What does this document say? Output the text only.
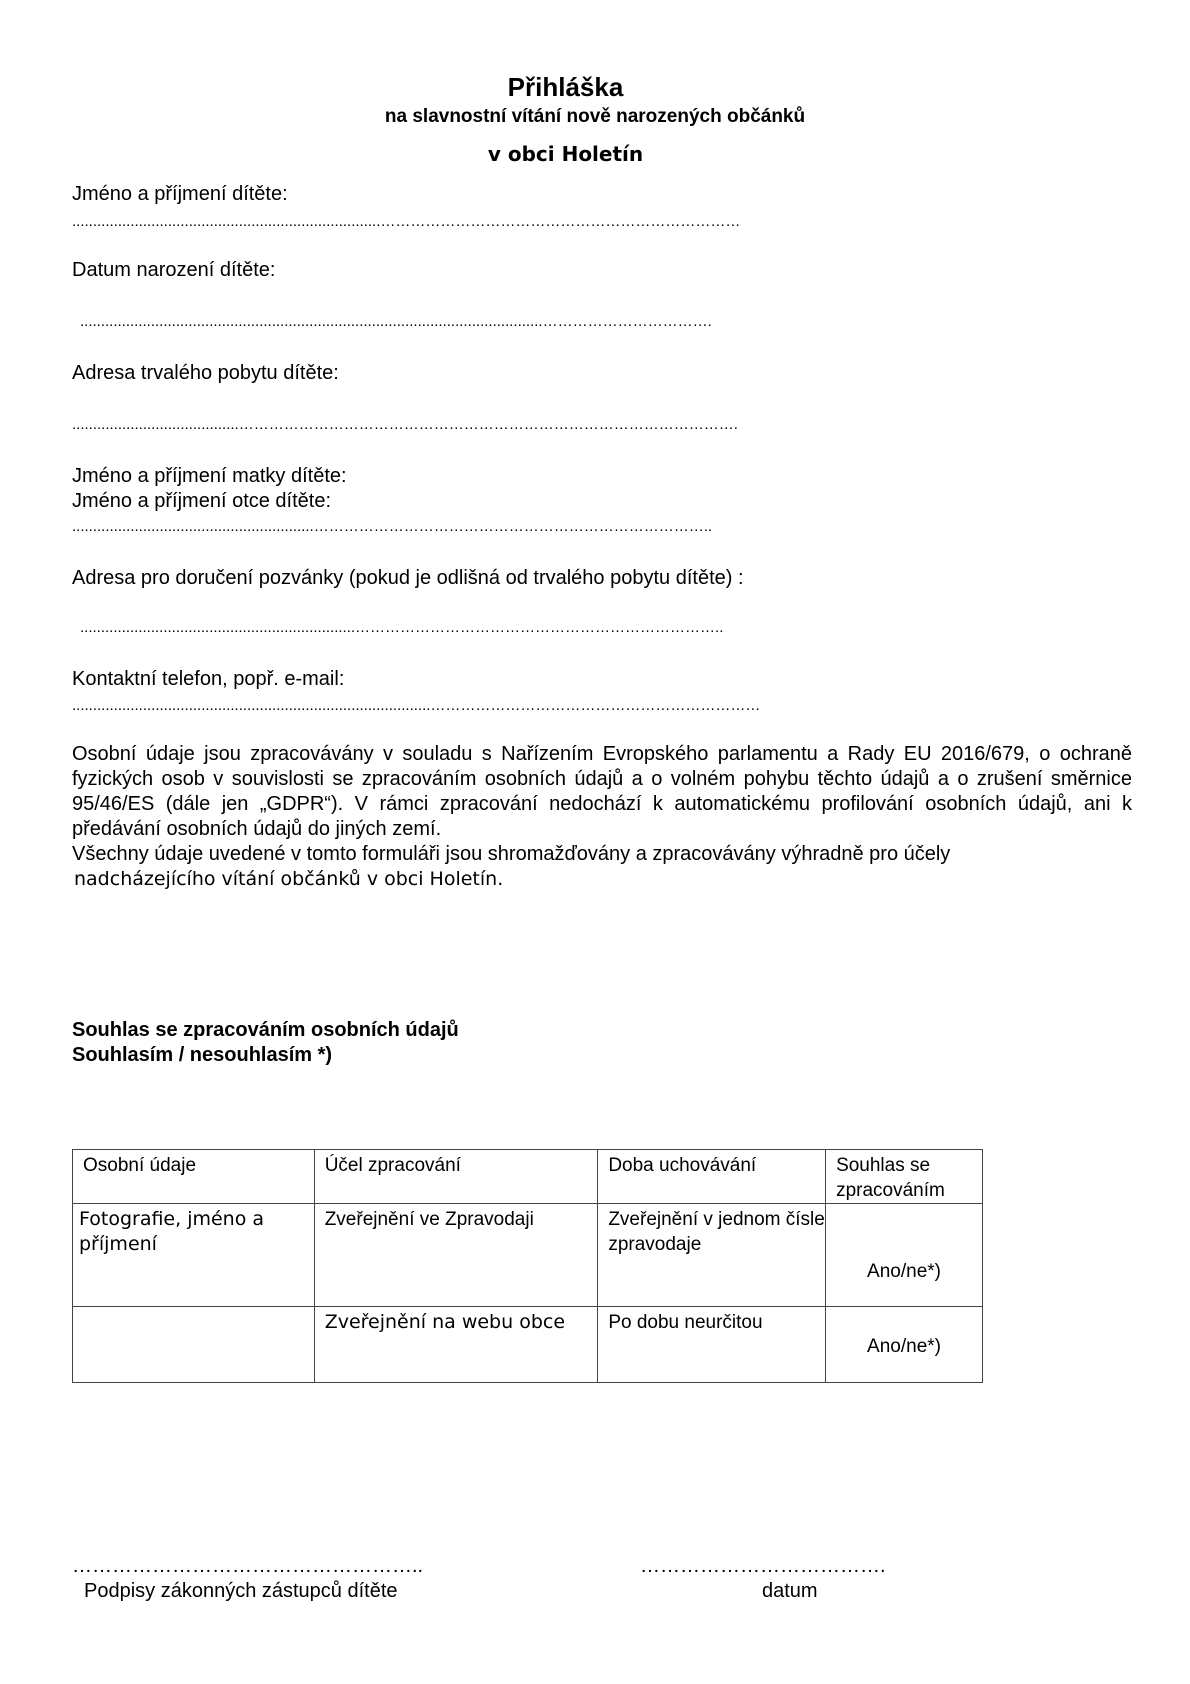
Přihláška
na slavnostní vítání nově narozených občánků
v obci Holetín
Jméno a příjmení dítěte:
..........................................................................………………………………………………………………
Datum narození dítěte:
...............................................................................................................…………………………….
Adresa trvalého pobytu dítěte:
........................................……………………………………………………………………………………….
Jméno a příjmení matky dítěte:
Jméno a příjmení otce dítěte:
..........................................................……………………………………………………………………..
Adresa pro doručení pozvánky (pokud je odlišná od trvalého pobytu dítěte) :
..................................................................………………………………………………………………..
Kontaktní telefon, popř. e-mail:
......................................................................................…………………………………………………………

Osobní údaje jsou zpracovávány v souladu s Nařízením Evropského parlamentu a Rady EU 2016/679, o ochraně fyzických osob v souvislosti se zpracováním osobních údajů a o volném pohybu těchto údajů a o zrušení směrnice 95/46/ES (dále jen „GDPR“). V rámci zpracování nedochází k automatickému profilování osobních údajů, ani k předávání osobních údajů do jiných zemí.

Všechny údaje uvedené v tomto formuláři jsou shromažďovány a zpracovávány výhradně pro účely

nadcházejícího vítání občánků v obci Holetín.

Souhlas se zpracováním osobních údajů
Souhlasím / nesouhlasím *)
Osobní údaje	Účel zpracování	Doba uchovávání	Souhlas se zpracováním
Fotografie, jméno a příjmení	Zveřejnění ve Zpravodaji	Zveřejnění v jednom čísle zpravodaje	Ano/ne*)

	Zveřejnění na webu obce	Po dobu neurčitou	Ano/ne*)
……………………………………………..
Podpisy zákonných zástupců dítěte
……………………………….
datum
